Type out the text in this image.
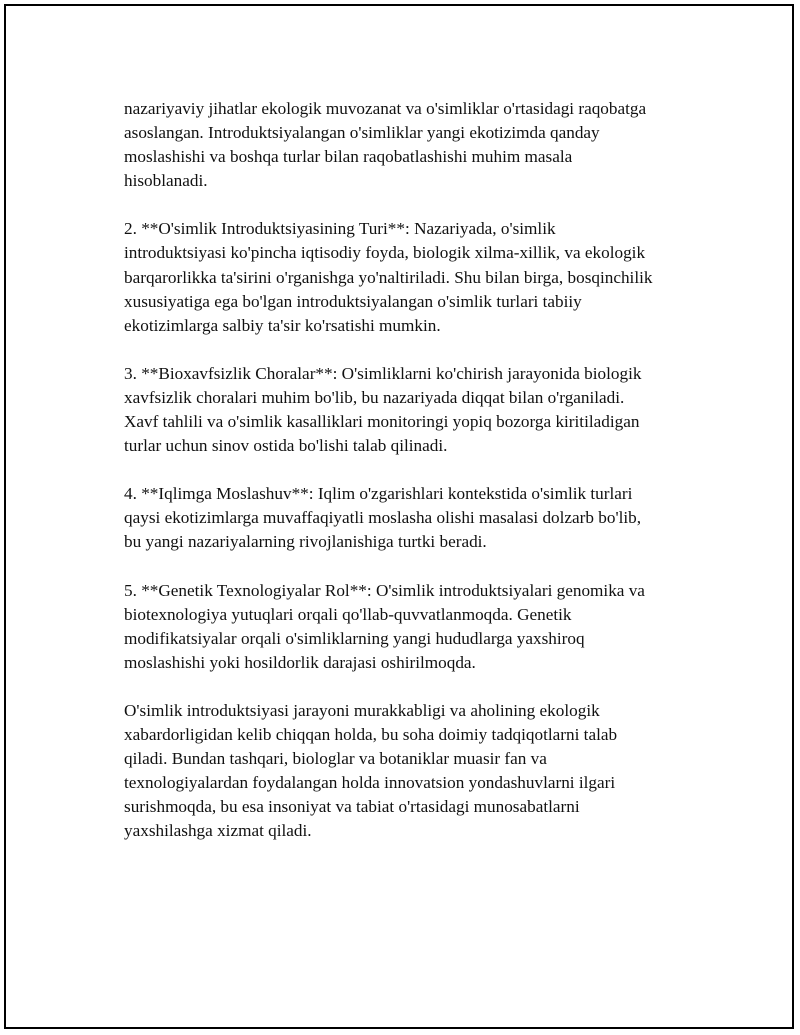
nazariyaviy jihatlar ekologik muvozanat va o'simliklar o'rtasidagi raqobatga
asoslangan. Introduktsiyalangan o'simliklar yangi ekotizimda qanday
moslashishi va boshqa turlar bilan raqobatlashishi muhim masala
hisoblanadi.

2. **O'simlik Introduktsiyasining Turi**: Nazariyada, o'simlik
introduktsiyasi ko'pincha iqtisodiy foyda, biologik xilma-xillik, va ekologik
barqarorlikka ta'sirini o'rganishga yo'naltiriladi. Shu bilan birga, bosqinchilik
xususiyatiga ega bo'lgan introduktsiyalangan o'simlik turlari tabiiy
ekotizimlarga salbiy ta'sir ko'rsatishi mumkin.

3. **Bioxavfsizlik Choralar**: O'simliklarni ko'chirish jarayonida biologik
xavfsizlik choralari muhim bo'lib, bu nazariyada diqqat bilan o'rganiladi.
Xavf tahlili va o'simlik kasalliklari monitoringi yopiq bozorga kiritiladigan
turlar uchun sinov ostida bo'lishi talab qilinadi.

4. **Iqlimga Moslashuv**: Iqlim o'zgarishlari kontekstida o'simlik turlari
qaysi ekotizimlarga muvaffaqiyatli moslasha olishi masalasi dolzarb bo'lib,
bu yangi nazariyalarning rivojlanishiga turtki beradi.

5. **Genetik Texnologiyalar Rol**: O'simlik introduktsiyalari genomika va
biotexnologiya yutuqlari orqali qo'llab-quvvatlanmoqda. Genetik
modifikatsiyalar orqali o'simliklarning yangi hududlarga yaxshiroq
moslashishi yoki hosildorlik darajasi oshirilmoqda.

O'simlik introduktsiyasi jarayoni murakkabligi va aholining ekologik
xabardorligidan kelib chiqqan holda, bu soha doimiy tadqiqotlarni talab
qiladi. Bundan tashqari, biologlar va botaniklar muasir fan va
texnologiyalardan foydalangan holda innovatsion yondashuvlarni ilgari
surishmoqda, bu esa insoniyat va tabiat o'rtasidagi munosabatlarni
yaxshilashga xizmat qiladi.
